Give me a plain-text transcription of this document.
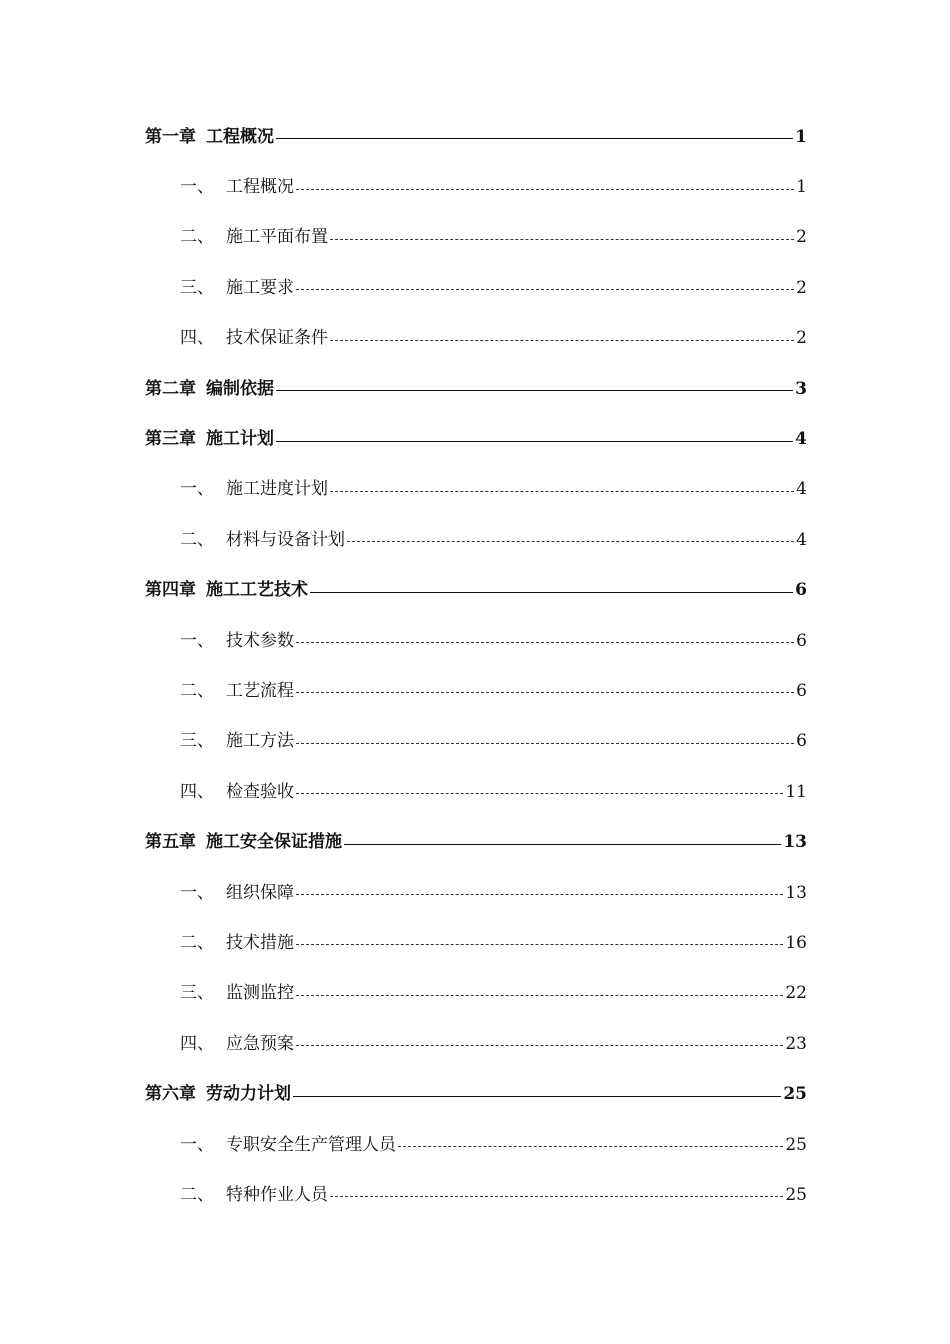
第一章 工程概况	1
一、 工程概况	1
二、 施工平面布置	2
三、 施工要求	2
四、 技术保证条件	2
第二章 编制依据	3
第三章 施工计划	4
一、 施工进度计划	4
二、 材料与设备计划	4
第四章 施工工艺技术	6
一、 技术参数	6
二、 工艺流程	6
三、 施工方法	6
四、 检查验收	11
第五章 施工安全保证措施	13
一、 组织保障	13
二、 技术措施	16
三、 监测监控	22
四、 应急预案	23
第六章 劳动力计划	25
一、 专职安全生产管理人员	25
二、 特种作业人员	25
